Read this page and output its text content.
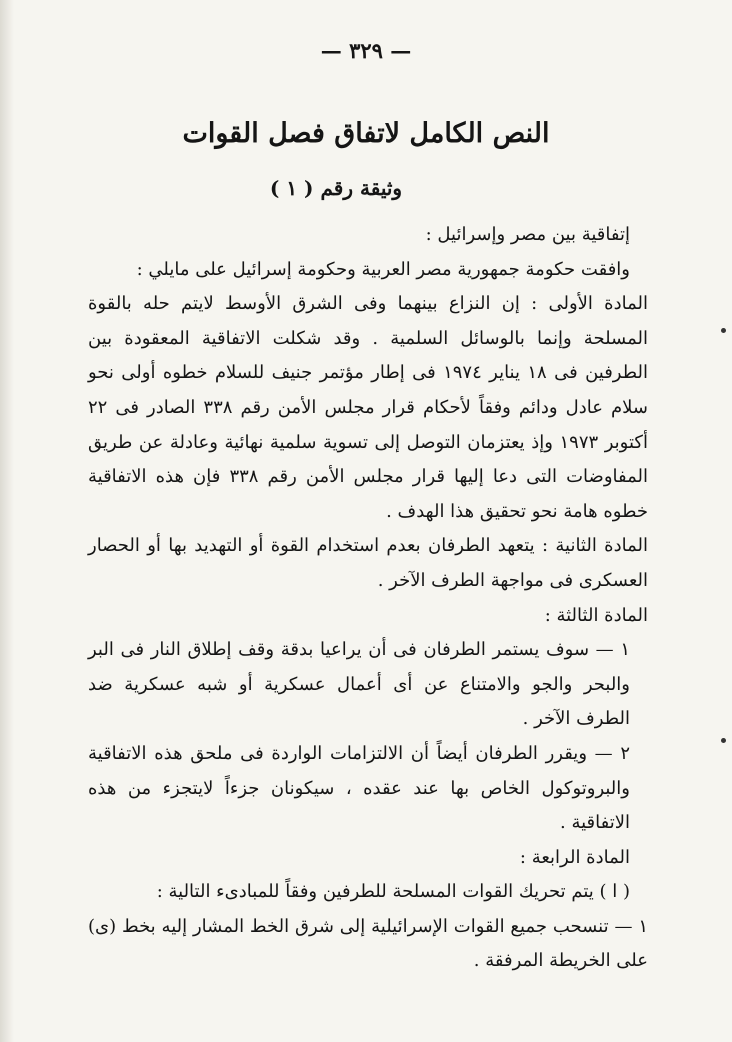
— ٣٢٩ —
النص الكامل لاتفاق فصل القوات
وثيقة رقم ( ١ )

إتفاقية بين مصر وإسرائيل :

وافقت حكومة جمهورية مصر العربية وحكومة إسرائيل على مايلي :

المادة الأولى : إن النزاع بينهما وفى الشرق الأوسط لايتم حله بالقوة المسلحة وإنما بالوسائل السلمية . وقد شكلت الاتفاقية المعقودة بين الطرفين فى ١٨ يناير ١٩٧٤ فى إطار مؤتمر جنيف للسلام خطوه أولى نحو سلام عادل ودائم وفقاً لأحكام قرار مجلس الأمن رقم ٣٣٨ الصادر فى ٢٢ أكتوبر ١٩٧٣ وإذ يعتزمان التوصل إلى تسوية سلمية نهائية وعادلة عن طريق المفاوضات التى دعا إليها قرار مجلس الأمن رقم ٣٣٨ فإن هذه الاتفاقية خطوه هامة نحو تحقيق هذا الهدف .

المادة الثانية : يتعهد الطرفان بعدم استخدام القوة أو التهديد بها أو الحصار العسكرى فى مواجهة الطرف الآخر .

المادة الثالثة :

١ — سوف يستمر الطرفان فى أن يراعيا بدقة وقف إطلاق النار فى البر والبحر والجو والامتناع عن أى أعمال عسكرية أو شبه عسكرية ضد الطرف الآخر .

٢ — ويقرر الطرفان أيضاً أن الالتزامات الواردة فى ملحق هذه الاتفاقية والبروتوكول الخاص بها عند عقده ، سيكونان جزءاً لايتجزء من هذه الاتفاقية .

المادة الرابعة :

( ا ) يتم تحريك القوات المسلحة للطرفين وفقاً للمبادىء التالية :

١ — تنسحب جميع القوات الإسرائيلية إلى شرق الخط المشار إليه بخط (ى) على الخريطة المرفقة .
